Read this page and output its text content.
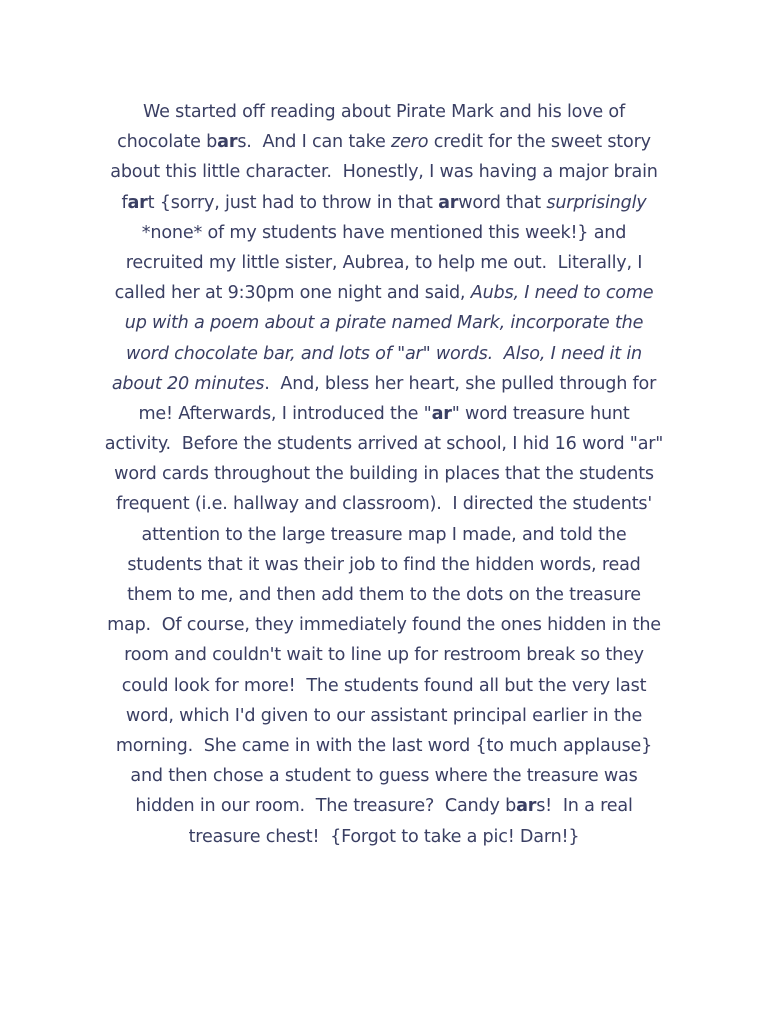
We started off reading about Pirate Mark and his love of
chocolate bars.  And I can take zero credit for the sweet story
about this little character.  Honestly, I was having a major brain
fart {sorry, just had to throw in that arword that surprisingly
*none* of my students have mentioned this week!} and
recruited my little sister, Aubrea, to help me out.  Literally, I
called her at 9:30pm one night and said, Aubs, I need to come
up with a poem about a pirate named Mark, incorporate the
word chocolate bar, and lots of "ar" words.  Also, I need it in
about 20 minutes.  And, bless her heart, she pulled through for
me! Afterwards, I introduced the "ar" word treasure hunt
activity.  Before the students arrived at school, I hid 16 word "ar"
word cards throughout the building in places that the students
frequent (i.e. hallway and classroom).  I directed the students'
attention to the large treasure map I made, and told the
students that it was their job to find the hidden words, read
them to me, and then add them to the dots on the treasure
map.  Of course, they immediately found the ones hidden in the
room and couldn't wait to line up for restroom break so they
could look for more!  The students found all but the very last
word, which I'd given to our assistant principal earlier in the
morning.  She came in with the last word {to much applause}
and then chose a student to guess where the treasure was
hidden in our room.  The treasure?  Candy bars!  In a real
treasure chest!  {Forgot to take a pic! Darn!}
